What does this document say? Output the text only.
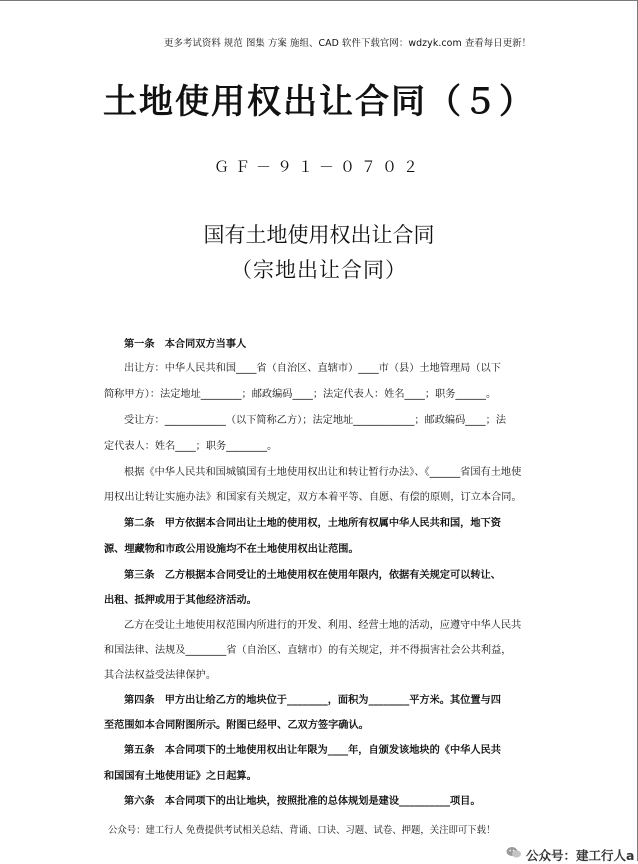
更多考试资料 规范 图集 方案 施组、CAD 软件下载官网：wdzyk.com 查看每日更新！
土地使用权出让合同（５）
ＧＦ－９１－０７０２
国有土地使用权出让合同
（宗地出让合同）
第一条　本合同双方当事人
出让方：中华人民共和国____省（自治区、直辖市）____市（县）土地管理局（以下
简称甲方）：法定地址________；邮政编码____；法定代表人：姓名____；职务______。
受让方：____________（以下简称乙方）；法定地址____________；邮政编码____；法
定代表人：姓名____；职务________。
根据《中华人民共和国城镇国有土地使用权出让和转让暂行办法》、《______省国有土地使
用权出让转让实施办法》和国家有关规定，双方本着平等、自愿、有偿的原则，订立本合同。
第二条　甲方依据本合同出让土地的使用权，土地所有权属中华人民共和国，地下资
源、埋藏物和市政公用设施均不在土地使用权出让范围。
第三条　乙方根据本合同受让的土地使用权在使用年限内，依据有关规定可以转让、
出租、抵押或用于其他经济活动。
乙方在受让土地使用权范围内所进行的开发、利用、经营土地的活动，应遵守中华人民共
和国法律、法规及________省（自治区、直辖市）的有关规定，并不得损害社会公共利益，
其合法权益受法律保护。
第四条　甲方出让给乙方的地块位于________，面积为________平方米。其位置与四
至范围如本合同附图所示。附图已经甲、乙双方签字确认。
第五条　本合同项下的土地使用权出让年限为____年，自颁发该地块的《中华人民共
和国国有土地使用证》之日起算。
第六条　本合同项下的出让地块，按照批准的总体规划是建设__________项目。
公众号：建工行人 免费提供考试相关总结、背诵、口诀、习题、试卷、押题，关注即可下载！
公众号：建工行人a
